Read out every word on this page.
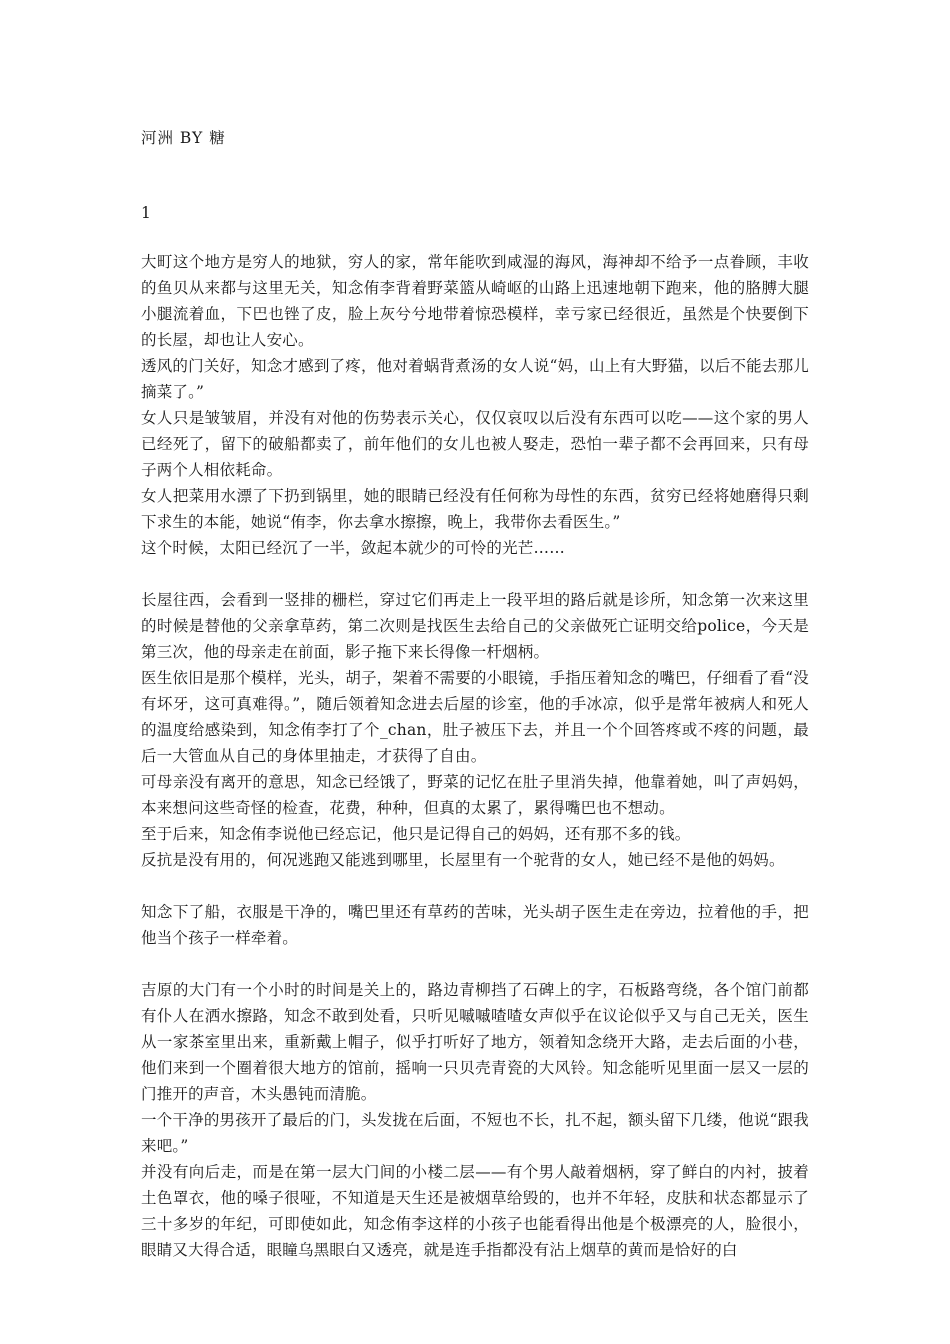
河洲 BY 糖
1

大町这个地方是穷人的地狱，穷人的家，常年能吹到咸湿的海风，海神却不给予一点眷顾，丰收的鱼贝从来都与这里无关，知念侑李背着野菜篮从崎岖的山路上迅速地朝下跑来，他的胳膊大腿小腿流着血，下巴也锉了皮，脸上灰兮兮地带着惊恐模样，幸亏家已经很近，虽然是个快要倒下的长屋，却也让人安心。

透风的门关好，知念才感到了疼，他对着蜗背煮汤的女人说“妈，山上有大野猫，以后不能去那儿摘菜了。”

女人只是皱皱眉，并没有对他的伤势表示关心，仅仅哀叹以后没有东西可以吃——这个家的男人已经死了，留下的破船都卖了，前年他们的女儿也被人娶走，恐怕一辈子都不会再回来，只有母子两个人相依耗命。

女人把菜用水漂了下扔到锅里，她的眼睛已经没有任何称为母性的东西，贫穷已经将她磨得只剩下求生的本能，她说“侑李，你去拿水擦擦，晚上，我带你去看医生。”

这个时候，太阳已经沉了一半，敛起本就少的可怜的光芒……

长屋往西，会看到一竖排的栅栏，穿过它们再走上一段平坦的路后就是诊所，知念第一次来这里的时候是替他的父亲拿草药，第二次则是找医生去给自己的父亲做死亡证明交给police，今天是第三次，他的母亲走在前面，影子拖下来长得像一杆烟柄。

医生依旧是那个模样，光头，胡子，架着不需要的小眼镜，手指压着知念的嘴巴，仔细看了看“没有坏牙，这可真难得。”，随后领着知念进去后屋的诊室，他的手冰凉，似乎是常年被病人和死人的温度给感染到，知念侑李打了个_chan，肚子被压下去，并且一个个回答疼或不疼的问题，最后一大管血从自己的身体里抽走，才获得了自由。

可母亲没有离开的意思，知念已经饿了，野菜的记忆在肚子里消失掉，他靠着她，叫了声妈妈，本来想问这些奇怪的检查，花费，种种，但真的太累了，累得嘴巴也不想动。

至于后来，知念侑李说他已经忘记，他只是记得自己的妈妈，还有那不多的钱。

反抗是没有用的，何况逃跑又能逃到哪里，长屋里有一个驼背的女人，她已经不是他的妈妈。

知念下了船，衣服是干净的，嘴巴里还有草药的苦味，光头胡子医生走在旁边，拉着他的手，把他当个孩子一样牵着。

吉原的大门有一个小时的时间是关上的，路边青柳挡了石碑上的字，石板路弯绕，各个馆门前都有仆人在洒水擦路，知念不敢到处看，只听见嘁嘁喳喳女声似乎在议论似乎又与自己无关，医生从一家茶室里出来，重新戴上帽子，似乎打听好了地方，领着知念绕开大路，走去后面的小巷，他们来到一个圈着很大地方的馆前，摇响一只贝壳青瓷的大风铃。知念能听见里面一层又一层的门推开的声音，木头愚钝而清脆。

一个干净的男孩开了最后的门，头发拢在后面，不短也不长，扎不起，额头留下几缕，他说“跟我来吧。”

并没有向后走，而是在第一层大门间的小楼二层——有个男人敲着烟柄，穿了鲜白的内衬，披着土色罩衣，他的嗓子很哑，不知道是天生还是被烟草给毁的，也并不年轻，皮肤和状态都显示了三十多岁的年纪，可即使如此，知念侑李这样的小孩子也能看得出他是个极漂亮的人，脸很小，眼睛又大得合适，眼瞳乌黑眼白又透亮，就是连手指都没有沾上烟草的黄而是恰好的白
